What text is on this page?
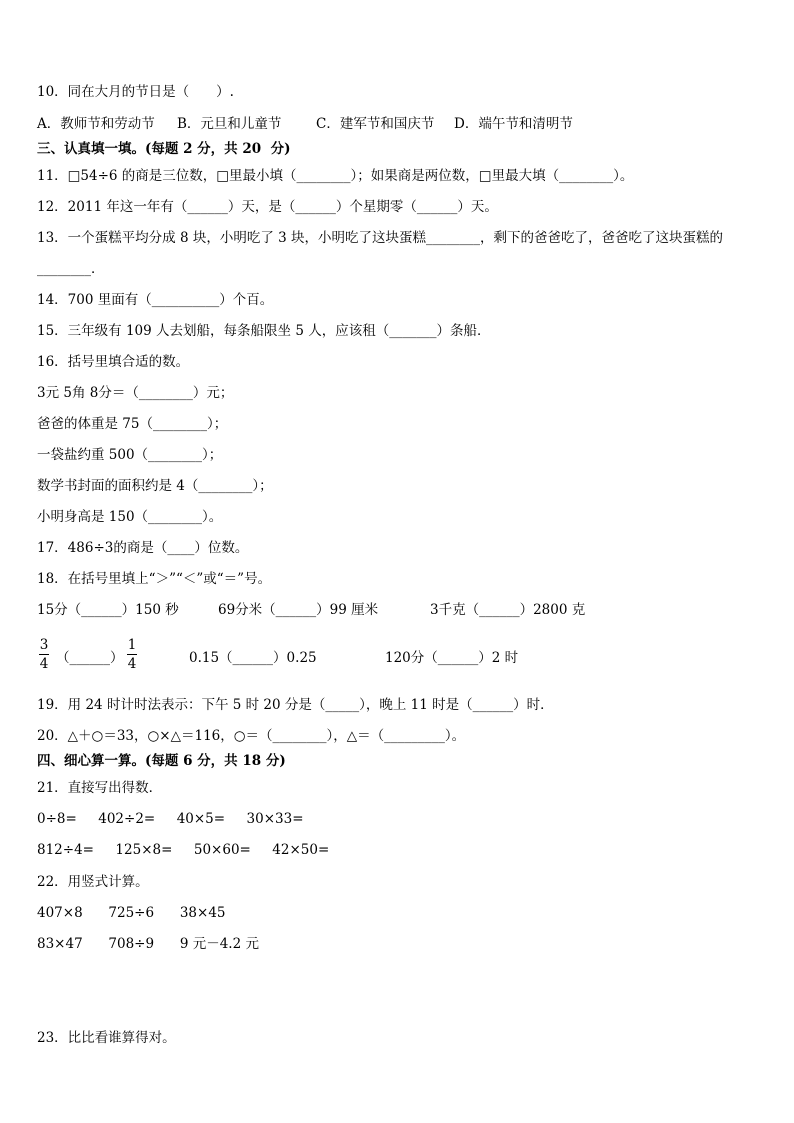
10．同在大月的节日是（　　）.
A．教师节和劳动节 B．元旦和儿童节	C．建军节和国庆节 D．端午节和清明节
三、认真填一填。(每题 2 分，共 20  分)
11．□54÷6 的商是三位数，□里最小填（________）；如果商是两位数，□里最大填（________）。
12．2011 年这一年有（______）天，是（______）个星期零（______）天。
13．一个蛋糕平均分成 8 块，小明吃了 3 块，小明吃了这块蛋糕________，剩下的爸爸吃了，爸爸吃了这块蛋糕的
________．
14．700 里面有（__________）个百。
15．三年级有 109 人去划船，每条船限坐 5 人，应该租（_______）条船．
16．括号里填合适的数。
3元 5角 8分＝（________）元；
爸爸的体重是 75（________）；
一袋盐约重 500（________）；
数学书封面的面积约是 4（________）；
小明身高是 150（________）。
17．486÷3的商是（____）位数。
18．在括号里填上“＞”“＜”或“＝”号。
15分（______）150 秒	69分米（______）99 厘米	3千克（______）2800 克
3
4 （______）
1
4	0.15（______）0.25	120分（______）2 时
19．用 24 时计时法表示：下午 5 时 20 分是（_____），晚上 11 时是（______）时．
20．△＋○＝33，○×△＝116，○＝（________），△＝（_________）。
四、细心算一算。(每题 6 分，共 18 分)
21．直接写出得数．
0÷8=     402÷2=     40×5=     30×33=
812÷4=     125×8=     50×60=     42×50=
22．用竖式计算。
407×8      725÷6      38×45
83×47      708÷9      9 元－4.2 元
23．比比看谁算得对。
